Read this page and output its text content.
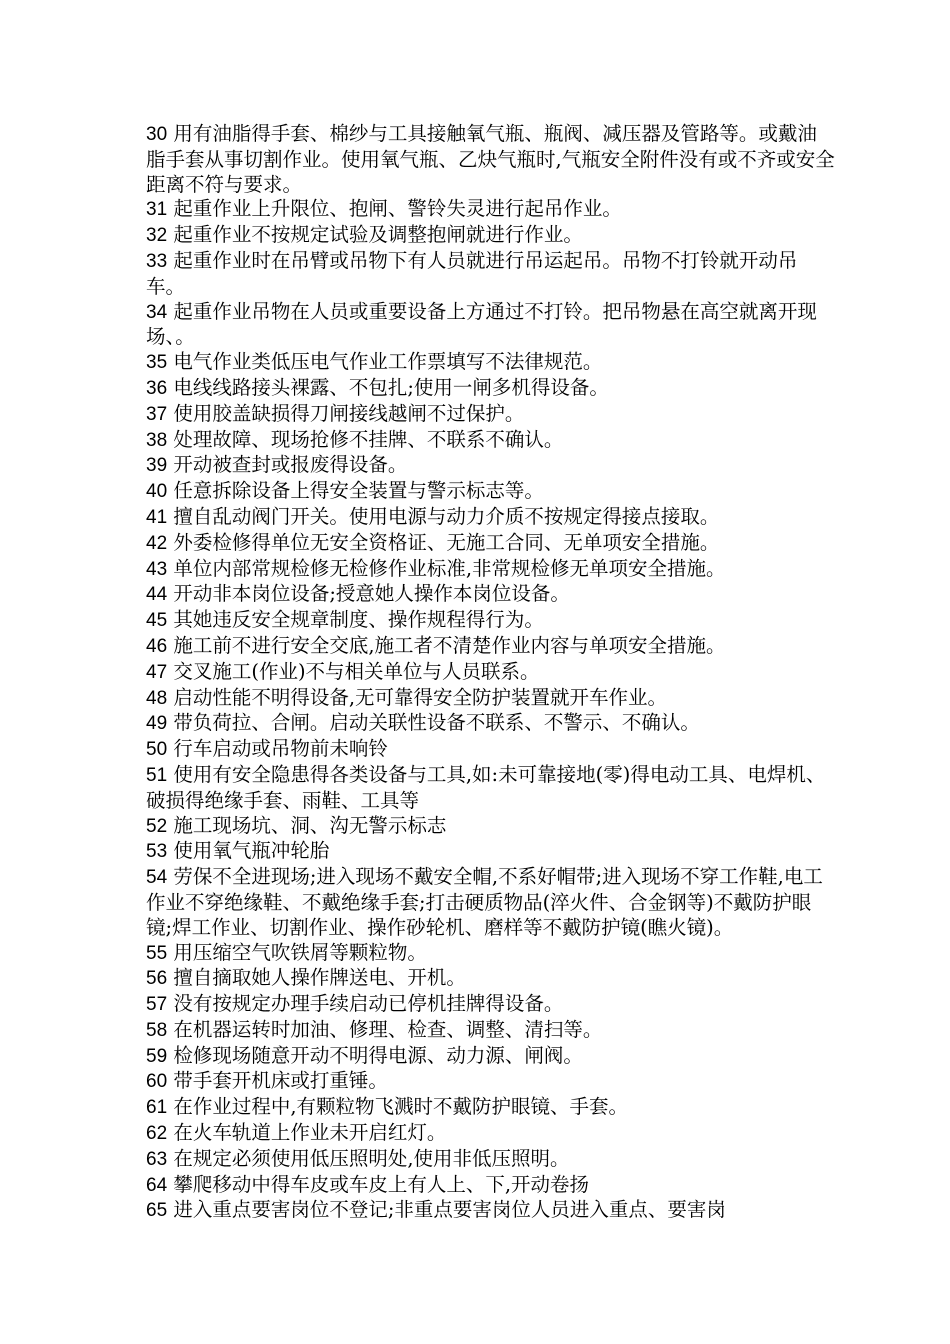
30 用有油脂得手套、棉纱与工具接触氧气瓶、瓶阀、减压器及管路等。或戴油脂手套从事切割作业。使用氧气瓶、乙炔气瓶时,气瓶安全附件没有或不齐或安全距离不符与要求。

31 起重作业上升限位、抱闸、警铃失灵进行起吊作业。

32 起重作业不按规定试验及调整抱闸就进行作业。

33 起重作业时在吊臂或吊物下有人员就进行吊运起吊。吊物不打铃就开动吊车。

34 起重作业吊物在人员或重要设备上方通过不打铃。把吊物悬在高空就离开现场、。

35 电气作业类低压电气作业工作票填写不法律规范。

36 电线线路接头裸露、不包扎;使用一闸多机得设备。

37 使用胶盖缺损得刀闸接线越闸不过保护。

38 处理故障、现场抢修不挂牌、不联系不确认。

39 开动被查封或报废得设备。

40 任意拆除设备上得安全装置与警示标志等。

41 擅自乱动阀门开关。使用电源与动力介质不按规定得接点接取。

42 外委检修得单位无安全资格证、无施工合同、无单项安全措施。

43 单位内部常规检修无检修作业标准,非常规检修无单项安全措施。

44 开动非本岗位设备;授意她人操作本岗位设备。

45 其她违反安全规章制度、操作规程得行为。

46 施工前不进行安全交底,施工者不清楚作业内容与单项安全措施。

47 交叉施工(作业)不与相关单位与人员联系。

48 启动性能不明得设备,无可靠得安全防护装置就开车作业。

49 带负荷拉、合闸。启动关联性设备不联系、不警示、不确认。

50 行车启动或吊物前未响铃

51 使用有安全隐患得各类设备与工具,如:未可靠接地(零)得电动工具、电焊机、破损得绝缘手套、雨鞋、工具等

52 施工现场坑、洞、沟无警示标志

53 使用氧气瓶冲轮胎

54 劳保不全进现场;进入现场不戴安全帽,不系好帽带;进入现场不穿工作鞋,电工作业不穿绝缘鞋、不戴绝缘手套;打击硬质物品(淬火件、合金钢等)不戴防护眼镜;焊工作业、切割作业、操作砂轮机、磨样等不戴防护镜(瞧火镜)。

55 用压缩空气吹铁屑等颗粒物。

56 擅自摘取她人操作牌送电、开机。

57 没有按规定办理手续启动已停机挂牌得设备。

58 在机器运转时加油、修理、检查、调整、清扫等。

59 检修现场随意开动不明得电源、动力源、闸阀。

60 带手套开机床或打重锤。

61 在作业过程中,有颗粒物飞溅时不戴防护眼镜、手套。

62 在火车轨道上作业未开启红灯。

63 在规定必须使用低压照明处,使用非低压照明。

64 攀爬移动中得车皮或车皮上有人上、下,开动卷扬

65 进入重点要害岗位不登记;非重点要害岗位人员进入重点、要害岗
